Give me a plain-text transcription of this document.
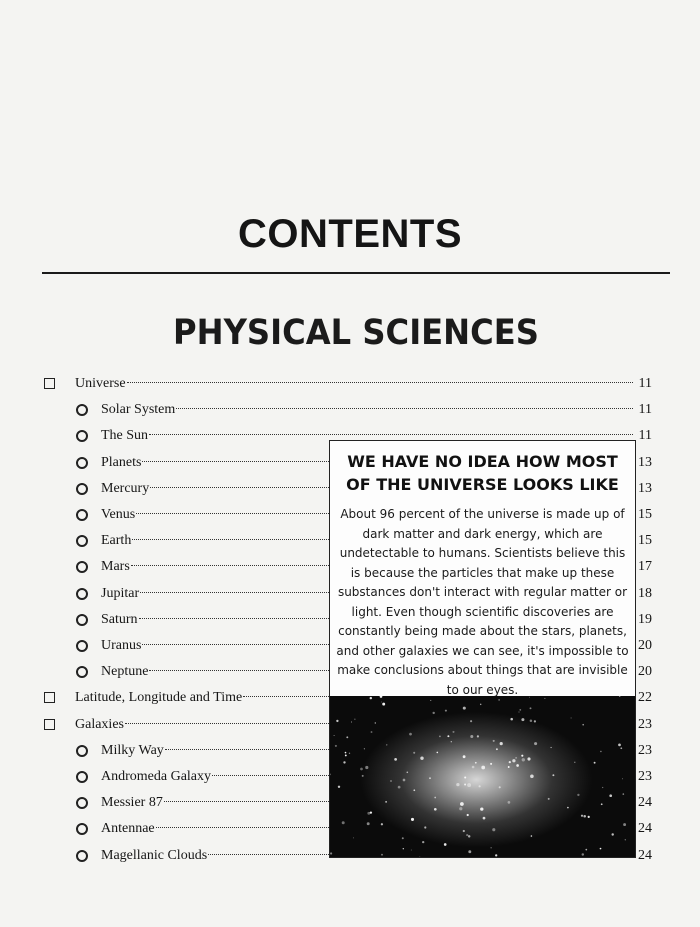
CONTENTS
PHYSICAL SCIENCES
Universe	11
Solar System	11
The Sun	11
Planets	13
Mercury	13
Venus	15
Earth	15
Mars	17
Jupitar	18
Saturn	19
Uranus	20
Neptune	20
Latitude, Longitude and Time	22
Galaxies	23
Milky Way	23
Andromeda Galaxy	23
Messier 87	24
Antennae	24
Magellanic Clouds	24
WE HAVE NO IDEA HOW MOST OF THE UNIVERSE LOOKS LIKE
About 96 percent of the universe is made up of dark matter and dark energy, which are undetectable to humans. Scientists believe this is because the particles that make up these substances don't interact with regular matter or light. Even though scientific discoveries are constantly being made about the stars, planets, and other galaxies we can see, it's impossible to make conclusions about things that are invisible to our eyes.
